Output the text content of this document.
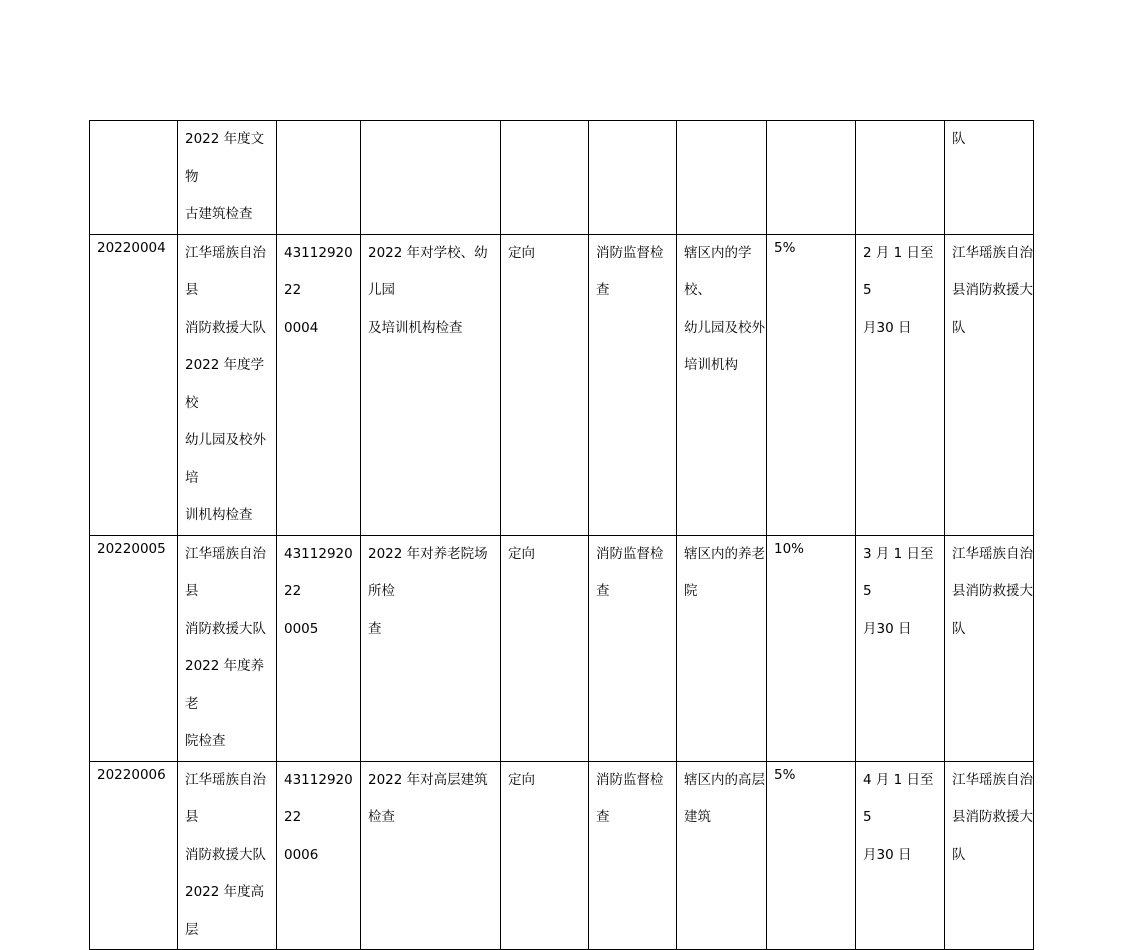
	2022 年度文物
古建筑检查								队
20220004	江华瑶族自治县
消防救援大队
2022 年度学校
幼儿园及校外培
训机构检查	4311292022
0004	2022 年对学校、幼儿园
及培训机构检查	定向	消防监督检查	辖区内的学校、
幼儿园及校外
培训机构	5%	2 月 1 日至 5
月30 日	江华瑶族自治
县消防救援大
队
20220005	江华瑶族自治县
消防救援大队
2022 年度养老
院检查	4311292022
0005	2022 年对养老院场所检
查	定向	消防监督检查	辖区内的养老
院	10%	3 月 1 日至 5
月30 日	江华瑶族自治
县消防救援大
队
20220006	江华瑶族自治县
消防救援大队
2022 年度高层	4311292022
0006	2022 年对高层建筑检查	定向	消防监督检查	辖区内的高层
建筑	5%	4 月 1 日至 5
月30 日	江华瑶族自治
县消防救援大
队
